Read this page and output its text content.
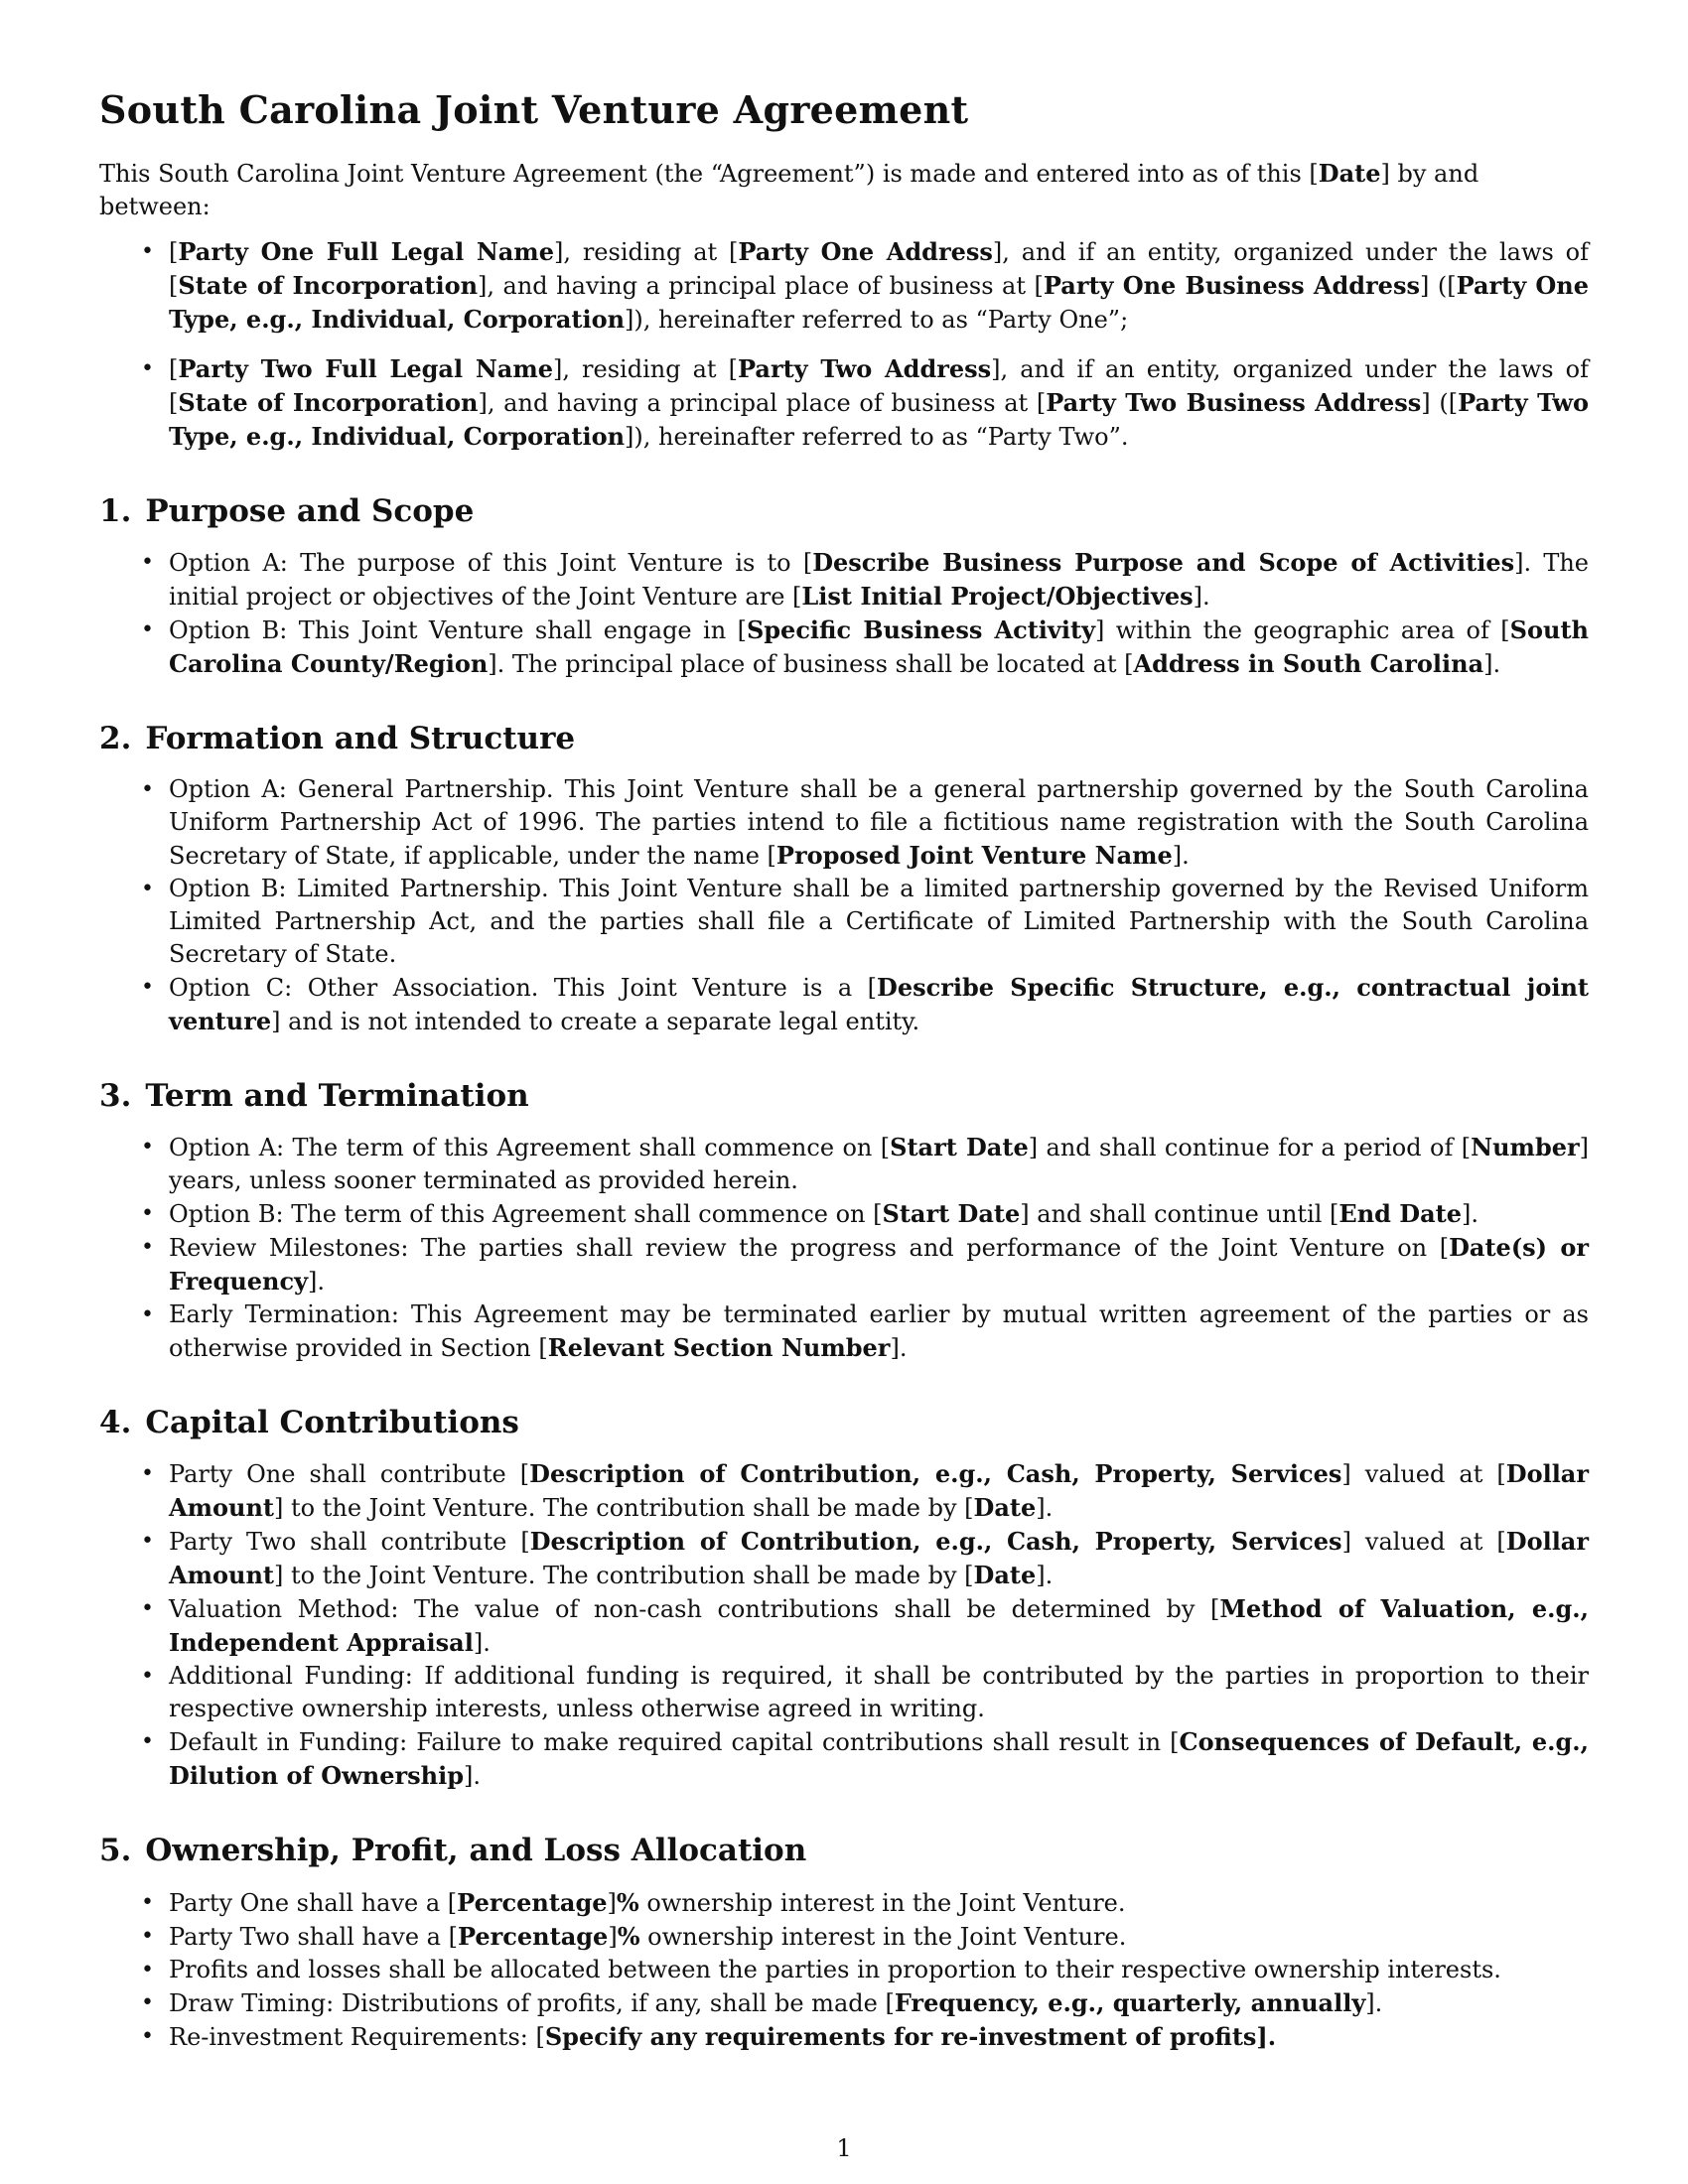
South Carolina Joint Venture Agreement

This South Carolina Joint Venture Agreement (the “Agreement”) is made and entered into as of this [Date] by and between:

• [Party One Full Legal Name], residing at [Party One Address], and if an entity, organized under the laws of [State of Incorporation], and having a principal place of business at [Party One Business Address] ([Party One Type, e.g., Individual, Corporation]), hereinafter referred to as “Party One”;
• [Party Two Full Legal Name], residing at [Party Two Address], and if an entity, organized under the laws of [State of Incorporation], and having a principal place of business at [Party Two Business Address] ([Party Two Type, e.g., Individual, Corporation]), hereinafter referred to as “Party Two”.
1. Purpose and Scope
• Option A: The purpose of this Joint Venture is to [Describe Business Purpose and Scope of Activities]. The initial project or objectives of the Joint Venture are [List Initial Project/Objectives].
• Option B: This Joint Venture shall engage in [Specific Business Activity] within the geographic area of [South Carolina County/Region]. The principal place of business shall be located at [Address in South Carolina].
2. Formation and Structure
• Option A: General Partnership. This Joint Venture shall be a general partnership governed by the South Carolina Uniform Partnership Act of 1996. The parties intend to file a fictitious name registration with the South Carolina Secretary of State, if applicable, under the name [Proposed Joint Venture Name].
• Option B: Limited Partnership. This Joint Venture shall be a limited partnership governed by the Revised Uniform Limited Partnership Act, and the parties shall file a Certificate of Limited Partnership with the South Carolina Secretary of State.
• Option C: Other Association. This Joint Venture is a [Describe Specific Structure, e.g., contractual joint venture] and is not intended to create a separate legal entity.
3. Term and Termination
• Option A: The term of this Agreement shall commence on [Start Date] and shall continue for a period of [Number] years, unless sooner terminated as provided herein.
• Option B: The term of this Agreement shall commence on [Start Date] and shall continue until [End Date].
• Review Milestones: The parties shall review the progress and performance of the Joint Venture on [Date(s) or Frequency].
• Early Termination: This Agreement may be terminated earlier by mutual written agreement of the parties or as otherwise provided in Section [Relevant Section Number].
4. Capital Contributions
• Party One shall contribute [Description of Contribution, e.g., Cash, Property, Services] valued at [Dollar Amount] to the Joint Venture. The contribution shall be made by [Date].
• Party Two shall contribute [Description of Contribution, e.g., Cash, Property, Services] valued at [Dollar Amount] to the Joint Venture. The contribution shall be made by [Date].
• Valuation Method: The value of non-cash contributions shall be determined by [Method of Valuation, e.g., Independent Appraisal].
• Additional Funding: If additional funding is required, it shall be contributed by the parties in proportion to their respective ownership interests, unless otherwise agreed in writing.
• Default in Funding: Failure to make required capital contributions shall result in [Consequences of Default, e.g., Dilution of Ownership].
5. Ownership, Profit, and Loss Allocation
• Party One shall have a [Percentage]% ownership interest in the Joint Venture.
• Party Two shall have a [Percentage]% ownership interest in the Joint Venture.
• Profits and losses shall be allocated between the parties in proportion to their respective ownership interests.
• Draw Timing: Distributions of profits, if any, shall be made [Frequency, e.g., quarterly, annually].
• Re-investment Requirements: [Specify any requirements for re-investment of profits].
1
